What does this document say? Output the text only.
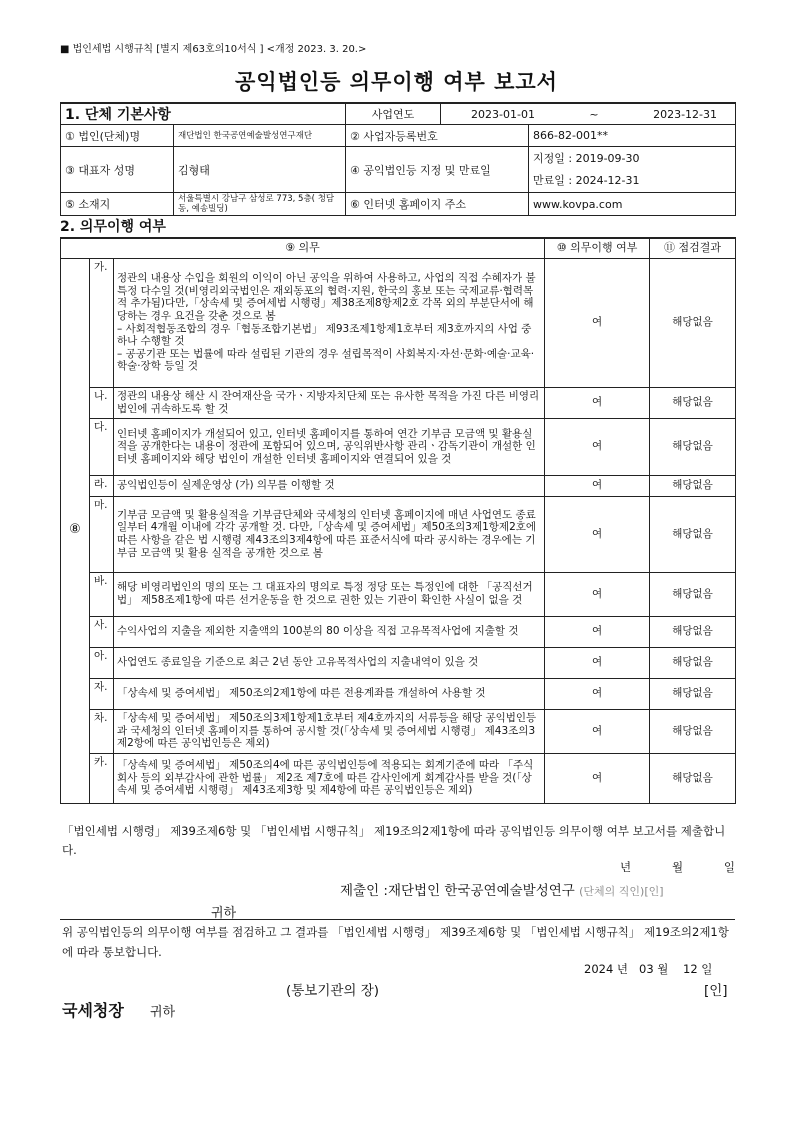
■ 법인세법 시행규칙 [별지 제63호의10서식 ] <개정 2023. 3. 20.>
공익법인등 의무이행 여부 보고서
1. 단체 기본사항		사업연도	2023-01-01 ~ 2023-12-31	

① 법인(단체)명	재단법인 한국공연예술발성연구재단	② 사업자등록번호		866-82-001**
③ 대표자 성명	김형태	④ 공익법인등 지정 및 만료일		지정일 : 2019-09-30
만료일 : 2024-12-31

⑤ 소재지	서울특별시 강남구 삼성로 773, 5층( 청담동, 예송빌딩)	⑥ 인터넷 홈페이지 주소		www.kovpa.com
2. 의무이행 여부
⑨ 의무			⑩ 의무이행 여부	⑪ 점검결과
⑧	가.	정관의 내용상 수입을 회원의 이익이 아닌 공익을 위하여 사용하고, 사업의 직접 수혜자가 불특정 다수일 것(비영리외국법인은 재외동포의 협력·지원, 한국의 홍보 또는 국제교류·협력목적 추가됨)다만,「상속세 및 증여세법 시행령」제38조제8항제2호 각목 외의 부분단서에 해당하는 경우 요건을 갖춘 것으로 봄
– 사회적협동조합의 경우「협동조합기본법」 제93조제1항제1호부터 제3호까지의 사업 중 하나 수행할 것
– 공공기관 또는 법률에 따라 설립된 기관의 경우 설립목적이 사회복지·자선·문화·예술·교육·학술·장학 등일 것	여	해당없음
	나.	정관의 내용상 해산 시 잔여재산을 국가ㆍ지방자치단체 또는 유사한 목적을 가진 다른 비영리법인에 귀속하도록 할 것	여	해당없음
	다.	인터넷 홈페이지가 개설되어 있고, 인터넷 홈페이지를 통하여 연간 기부금 모금액 및 활용실적을 공개한다는 내용이 정관에 포함되어 있으며, 공익위반사항 관리ㆍ감독기관이 개설한 인터넷 홈페이지와 해당 법인이 개설한 인터넷 홈페이지와 연결되어 있을 것	여	해당없음
	라.	공익법인등이 실제운영상 (가) 의무를 이행할 것	여	해당없음
	마.	기부금 모금액 및 활용실적을 기부금단체와 국세청의 인터넷 홈페이지에 매년 사업연도 종료일부터 4개월 이내에 각각 공개할 것. 다만,「상속세 및 증여세법」제50조의3제1항제2호에 따른 사항을 같은 법 시행령 제43조의3제4항에 따른 표준서식에 따라 공시하는 경우에는 기부금 모금액 및 활용 실적을 공개한 것으로 봄	여	해당없음
	바.	해당 비영리법인의 명의 또는 그 대표자의 명의로 특정 정당 또는 특정인에 대한 「공직선거법」 제58조제1항에 따른 선거운동을 한 것으로 권한 있는 기관이 확인한 사실이 없을 것	여	해당없음
	사.	수익사업의 지출을 제외한 지출액의 100분의 80 이상을 직접 고유목적사업에 지출할 것	여	해당없음
	아.	사업연도 종료일을 기준으로 최근 2년 동안 고유목적사업의 지출내역이 있을 것	여	해당없음
	자.	「상속세 및 증여세법」 제50조의2제1항에 따른 전용계좌를 개설하여 사용할 것	여	해당없음
	차.	「상속세 및 증여세법」 제50조의3제1항제1호부터 제4호까지의 서류등을 해당 공익법인등과 국세청의 인터넷 홈페이지를 통하여 공시할 것(「상속세 및 증여세법 시행령」 제43조의3제2항에 따른 공익법인등은 제외)	여	해당없음
	카.	「상속세 및 증여세법」 제50조의4에 따른 공익법인등에 적용되는 회계기준에 따라 「주식회사 등의 외부감사에 관한 법률」 제2조 제7호에 따른 감사인에게 회계감사를 받을 것(「상속세 및 증여세법 시행령」 제43조제3항 및 제4항에 따른 공익법인등은 제외)	여	해당없음
「법인세법 시행령」 제39조제6항 및 「법인세법 시행규칙」 제19조의2제1항에 따라 공익법인등 의무이행 여부 보고서를 제출합니다.
년	월	일
제출인 :재단법인 한국공연예술발성연구 (단체의 직인)[인]
귀하
위 공익법인등의 의무이행 여부를 점검하고 그 결과를 「법인세법 시행령」 제39조제6항 및 「법인세법 시행규칙」 제19조의2제1항에 따라 통보합니다.
2024 년   03 월    12 일
(통보기관의 장)	[인]
국세청장 귀하
